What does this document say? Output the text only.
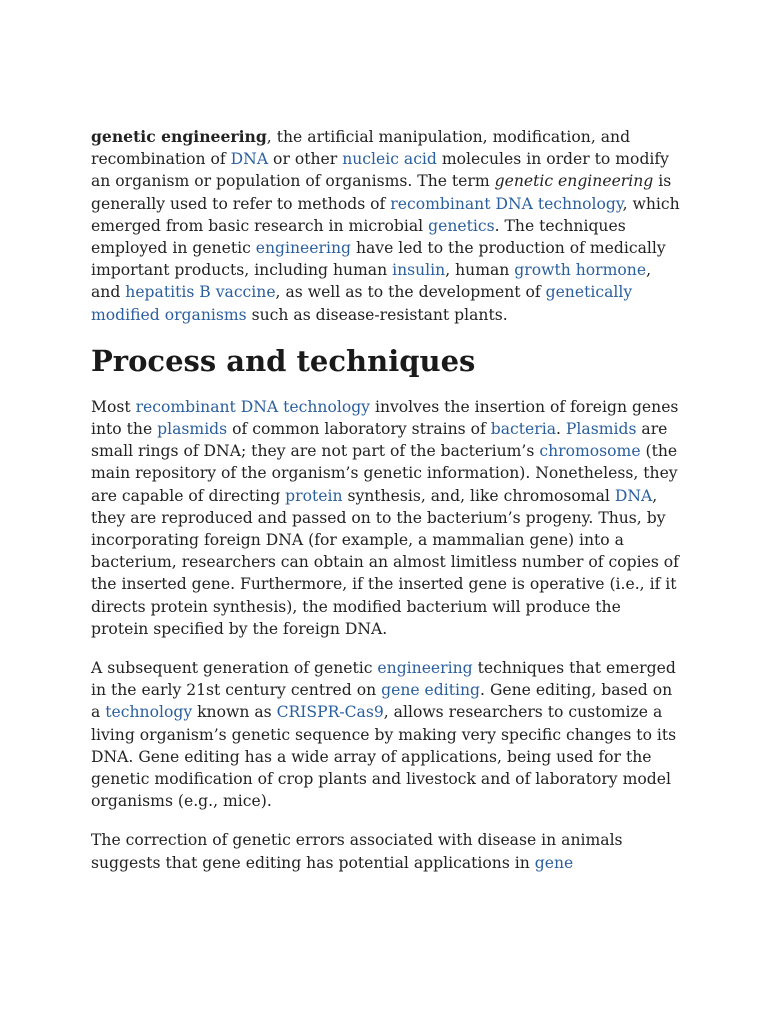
genetic engineering, the artificial manipulation, modification, and recombination of DNA or other nucleic acid molecules in order to modify an organism or population of organisms. The term genetic engineering is generally used to refer to methods of recombinant DNA technology, which emerged from basic research in microbial genetics. The techniques employed in genetic engineering have led to the production of medically important products, including human insulin, human growth hormone, and hepatitis B vaccine, as well as to the development of genetically modified organisms such as disease-resistant plants.

Process and techniques

Most recombinant DNA technology involves the insertion of foreign genes into the plasmids of common laboratory strains of bacteria. Plasmids are small rings of DNA; they are not part of the bacterium’s chromosome (the main repository of the organism’s genetic information). Nonetheless, they are capable of directing protein synthesis, and, like chromosomal DNA, they are reproduced and passed on to the bacterium’s progeny. Thus, by incorporating foreign DNA (for example, a mammalian gene) into a bacterium, researchers can obtain an almost limitless number of copies of the inserted gene. Furthermore, if the inserted gene is operative (i.e., if it directs protein synthesis), the modified bacterium will produce the protein specified by the foreign DNA.

A subsequent generation of genetic engineering techniques that emerged in the early 21st century centred on gene editing. Gene editing, based on a technology known as CRISPR-Cas9, allows researchers to customize a living organism’s genetic sequence by making very specific changes to its DNA. Gene editing has a wide array of applications, being used for the genetic modification of crop plants and livestock and of laboratory model organisms (e.g., mice).

The correction of genetic errors associated with disease in animals suggests that gene editing has potential applications in gene
